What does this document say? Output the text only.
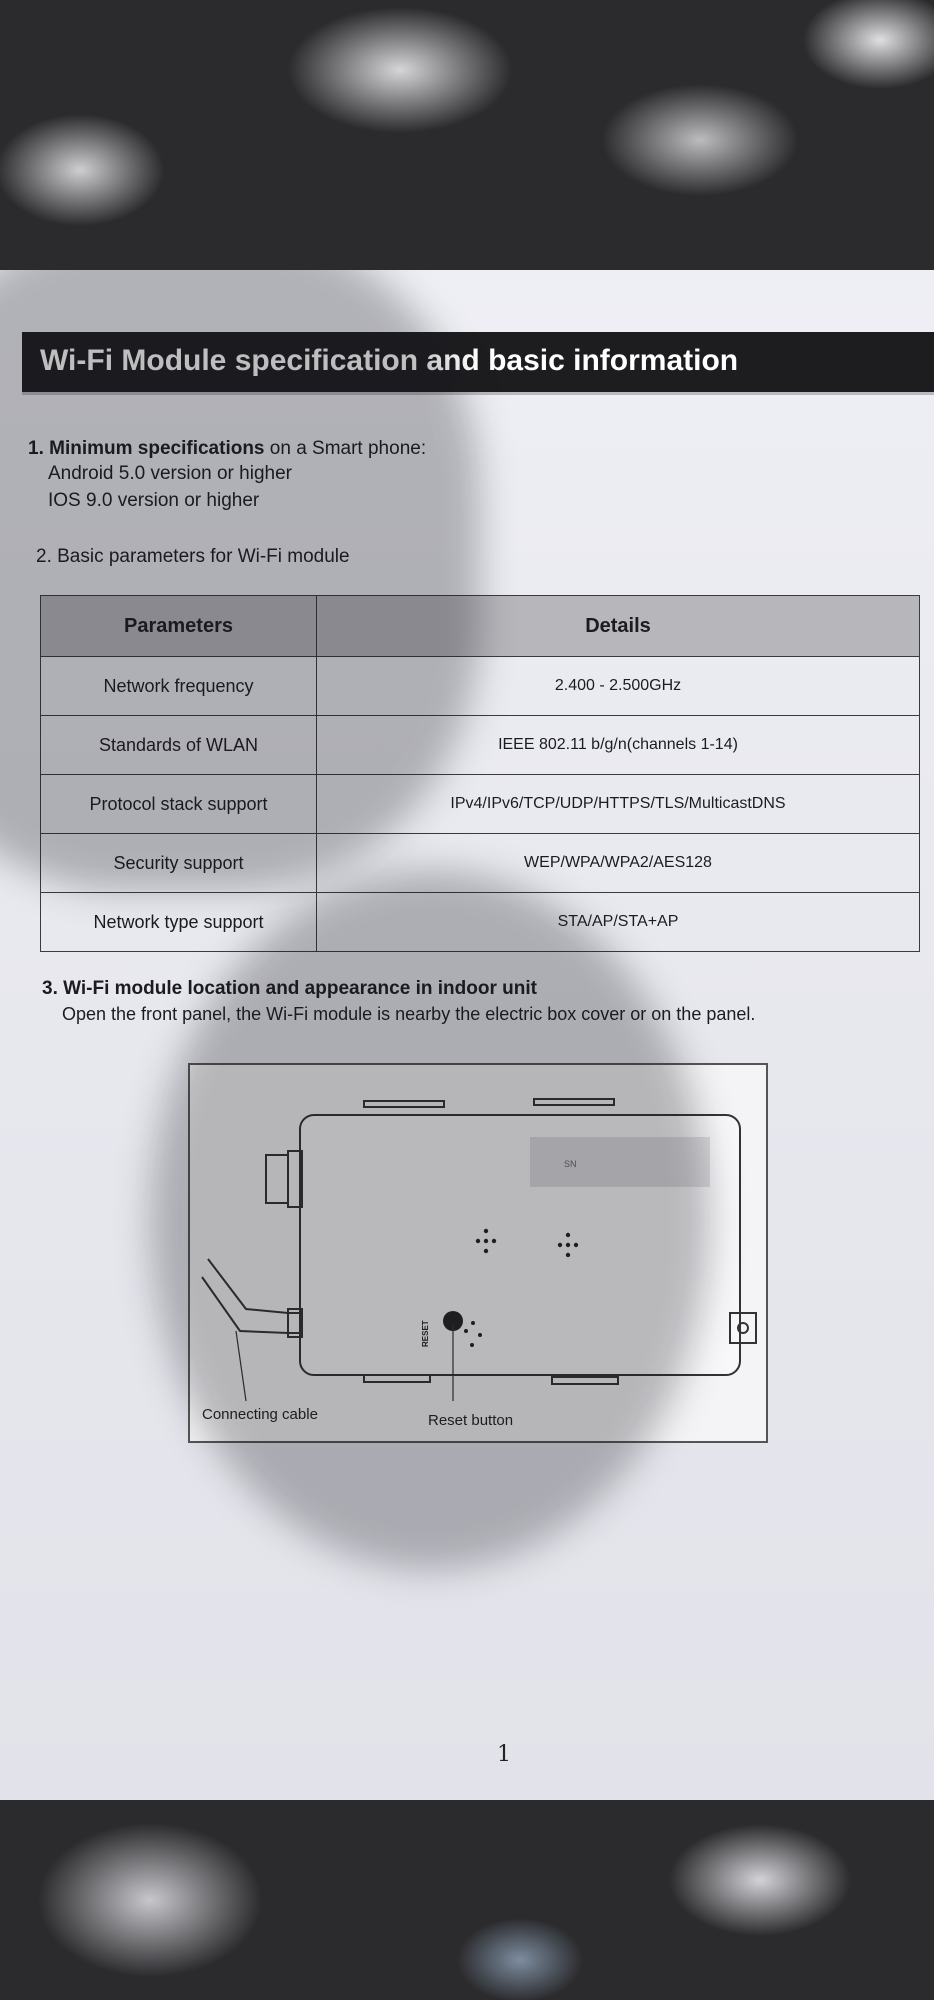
Wi-Fi Module specification and basic information
1. Minimum specifications on a Smart phone:
Android 5.0 version or higher
IOS 9.0 version or higher
2. Basic parameters for Wi-Fi module
Parameters	Details
Network frequency	2.400 - 2.500GHz
Standards of WLAN	IEEE 802.11 b/g/n(channels 1-14)
Protocol stack support	IPv4/IPv6/TCP/UDP/HTTPS/TLS/MulticastDNS
Security support	WEP/WPA/WPA2/AES128
Network type support	STA/AP/STA+AP
3. Wi-Fi module location and appearance in indoor unit
Open the front panel, the Wi-Fi module is nearby the electric box cover or on the panel.
SN
RESET
Connecting cable	Reset button
1
